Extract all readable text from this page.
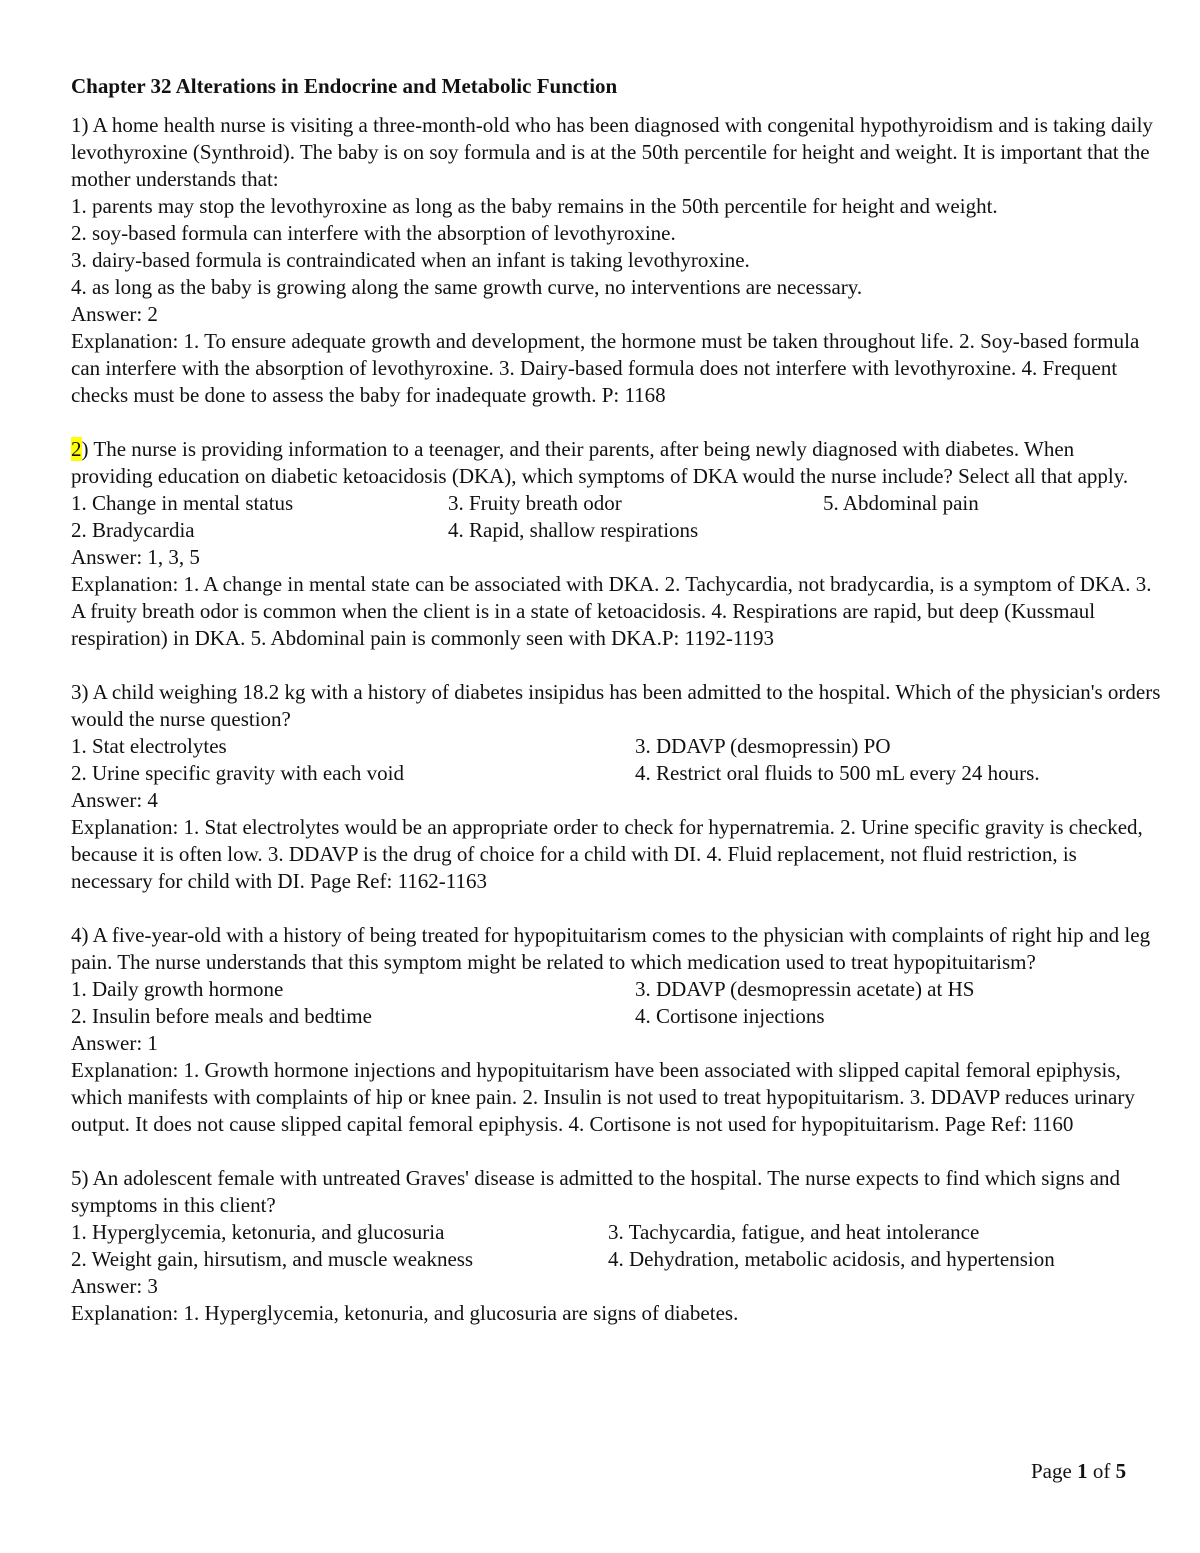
Chapter 32 Alterations in Endocrine and Metabolic Function
1) A home health nurse is visiting a three-month-old who has been diagnosed with congenital hypothyroidism and is taking daily levothyroxine (Synthroid). The baby is on soy formula and is at the 50th percentile for height and weight. It is important that the mother understands that:
1. parents may stop the levothyroxine as long as the baby remains in the 50th percentile for height and weight.
2. soy-based formula can interfere with the absorption of levothyroxine.
3. dairy-based formula is contraindicated when an infant is taking levothyroxine.
4. as long as the baby is growing along the same growth curve, no interventions are necessary.
Answer: 2
Explanation: 1. To ensure adequate growth and development, the hormone must be taken throughout life. 2. Soy-based formula can interfere with the absorption of levothyroxine. 3. Dairy-based formula does not interfere with levothyroxine. 4. Frequent checks must be done to assess the baby for inadequate growth. P: 1168
2) The nurse is providing information to a teenager, and their parents, after being newly diagnosed with diabetes. When providing education on diabetic ketoacidosis (DKA), which symptoms of DKA would the nurse include? Select all that apply.
1. Change in mental status	3. Fruity breath odor	5. Abdominal pain
2. Bradycardia	4. Rapid, shallow respirations
Answer: 1, 3, 5
Explanation: 1. A change in mental state can be associated with DKA. 2. Tachycardia, not bradycardia, is a symptom of DKA. 3. A fruity breath odor is common when the client is in a state of ketoacidosis. 4. Respirations are rapid, but deep (Kussmaul respiration) in DKA. 5. Abdominal pain is commonly seen with DKA.P: 1192-1193
3) A child weighing 18.2 kg with a history of diabetes insipidus has been admitted to the hospital. Which of the physician's orders would the nurse question?
1. Stat electrolytes	3. DDAVP (desmopressin) PO
2. Urine specific gravity with each void	4. Restrict oral fluids to 500 mL every 24 hours.
Answer: 4
Explanation: 1. Stat electrolytes would be an appropriate order to check for hypernatremia. 2. Urine specific gravity is checked, because it is often low. 3. DDAVP is the drug of choice for a child with DI. 4. Fluid replacement, not fluid restriction, is necessary for child with DI. Page Ref: 1162-1163
4) A five-year-old with a history of being treated for hypopituitarism comes to the physician with complaints of right hip and leg pain. The nurse understands that this symptom might be related to which medication used to treat hypopituitarism?
1. Daily growth hormone	3. DDAVP (desmopressin acetate) at HS
2. Insulin before meals and bedtime	4. Cortisone injections
Answer: 1
Explanation: 1. Growth hormone injections and hypopituitarism have been associated with slipped capital femoral epiphysis, which manifests with complaints of hip or knee pain. 2. Insulin is not used to treat hypopituitarism. 3. DDAVP reduces urinary output. It does not cause slipped capital femoral epiphysis. 4. Cortisone is not used for hypopituitarism. Page Ref: 1160
5) An adolescent female with untreated Graves' disease is admitted to the hospital. The nurse expects to find which signs and symptoms in this client?
1. Hyperglycemia, ketonuria, and glucosuria	3. Tachycardia, fatigue, and heat intolerance
2. Weight gain, hirsutism, and muscle weakness	4. Dehydration, metabolic acidosis, and hypertension
Answer: 3
Explanation: 1. Hyperglycemia, ketonuria, and glucosuria are signs of diabetes.
Page 1 of 5
